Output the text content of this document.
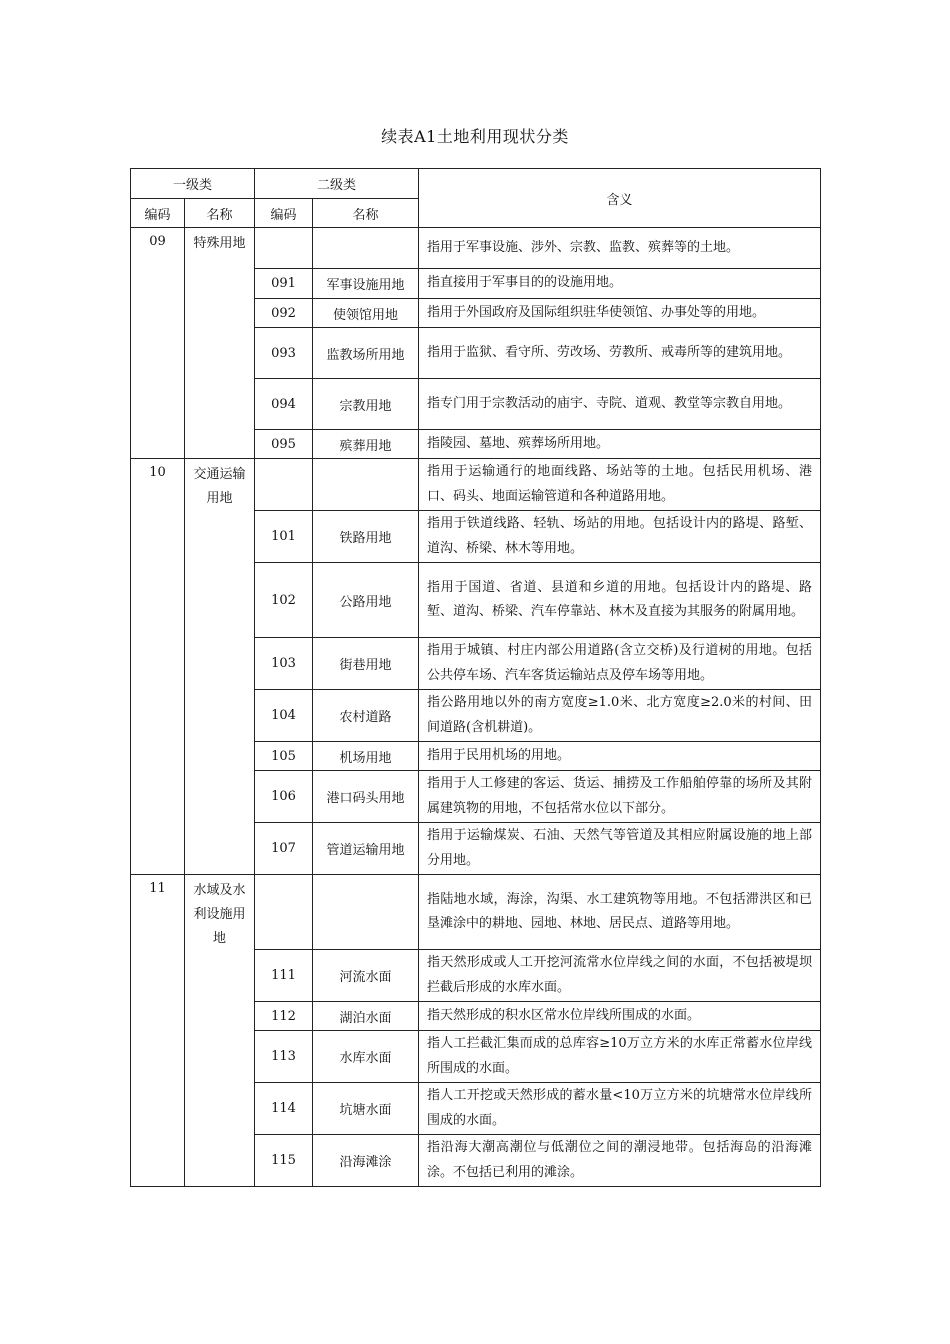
续表A1土地利用现状分类
一级类		二级类		含义
编码	名称	编码	名称	
09	特殊用地			指用于军事设施、涉外、宗教、监教、殡葬等的土地。
		091	军事设施用地	指直接用于军事目的的设施用地。
		092	使领馆用地	指用于外国政府及国际组织驻华使领馆、办事处等的用地。
		093	监教场所用地	指用于监狱、看守所、劳改场、劳教所、戒毒所等的建筑用地。
		094	宗教用地	指专门用于宗教活动的庙宇、寺院、道观、教堂等宗教自用地。
		095	殡葬用地	指陵园、墓地、殡葬场所用地。
10	交通运输用地			指用于运输通行的地面线路、场站等的土地。包括民用机场、港口、码头、地面运输管道和各种道路用地。
		101	铁路用地	指用于铁道线路、轻轨、场站的用地。包括设计内的路堤、路堑、道沟、桥梁、林木等用地。
		102	公路用地	指用于国道、省道、县道和乡道的用地。包括设计内的路堤、路堑、道沟、桥梁、汽车停靠站、林木及直接为其服务的附属用地。
		103	街巷用地	指用于城镇、村庄内部公用道路(含立交桥)及行道树的用地。包括公共停车场、汽车客货运输站点及停车场等用地。
		104	农村道路	指公路用地以外的南方宽度≥1.0米、北方宽度≥2.0米的村间、田间道路(含机耕道)。
		105	机场用地	指用于民用机场的用地。
		106	港口码头用地	指用于人工修建的客运、货运、捕捞及工作船舶停靠的场所及其附属建筑物的用地，不包括常水位以下部分。
		107	管道运输用地	指用于运输煤炭、石油、天然气等管道及其相应附属设施的地上部分用地。
11	水域及水利设施用地			指陆地水域，海涂，沟渠、水工建筑物等用地。不包括滞洪区和已垦滩涂中的耕地、园地、林地、居民点、道路等用地。
		111	河流水面	指天然形成或人工开挖河流常水位岸线之间的水面，不包括被堤坝拦截后形成的水库水面。
		112	湖泊水面	指天然形成的积水区常水位岸线所围成的水面。
		113	水库水面	指人工拦截汇集而成的总库容≥10万立方米的水库正常蓄水位岸线所围成的水面。
		114	坑塘水面	指人工开挖或天然形成的蓄水量<10万立方米的坑塘常水位岸线所围成的水面。
		115	沿海滩涂	指沿海大潮高潮位与低潮位之间的潮浸地带。包括海岛的沿海滩涂。不包括已利用的滩涂。
